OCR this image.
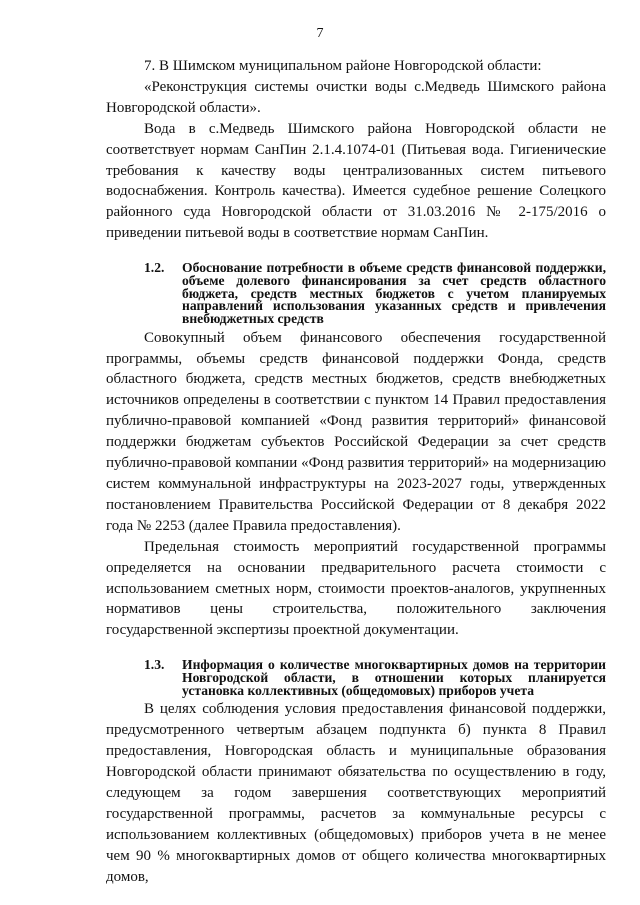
7

7. В Шимском муниципальном районе Новгородской области:

«Реконструкция системы очистки воды с.Медведь Шимского района Новгородской области».

Вода в с.Медведь Шимского района Новгородской области не соответствует нормам СанПин 2.1.4.1074-01 (Питьевая вода. Гигиенические требования к качеству воды централизованных систем питьевого водоснабжения. Контроль качества). Имеется судебное решение Солецкого районного суда Новгородской области от 31.03.2016 № 2-175/2016 о приведении питьевой воды в соответствие нормам СанПин.

1.2.	Обоснование потребности в объеме средств финансовой поддержки, объеме долевого финансирования за счет средств областного бюджета, средств местных бюджетов с учетом планируемых направлений использования указанных средств и привлечения внебюджетных средств

Совокупный объем финансового обеспечения государственной программы, объемы средств финансовой поддержки Фонда, средств областного бюджета, средств местных бюджетов, средств внебюджетных источников определены в соответствии с пунктом 14 Правил предоставления публично-правовой компанией «Фонд развития территорий» финансовой поддержки бюджетам субъектов Российской Федерации за счет средств публично-правовой компании «Фонд развития территорий» на модернизацию систем коммунальной инфраструктуры на 2023-2027 годы, утвержденных постановлением Правительства Российской Федерации от 8 декабря 2022 года № 2253 (далее Правила предоставления).

Предельная стоимость мероприятий государственной программы определяется на основании предварительного расчета стоимости с использованием сметных норм, стоимости проектов-аналогов, укрупненных нормативов цены строительства, положительного заключения государственной экспертизы проектной документации.

1.3.	Информация о количестве многоквартирных домов на территории Новгородской области, в отношении которых планируется установка коллективных (общедомовых) приборов учета

В целях соблюдения условия предоставления финансовой поддержки, предусмотренного четвертым абзацем подпункта б) пункта 8 Правил предоставления, Новгородская область и муниципальные образования Новгородской области принимают обязательства по осуществлению в году, следующем за годом завершения соответствующих мероприятий государственной программы, расчетов за коммунальные ресурсы с использованием коллективных (общедомовых) приборов учета в не менее чем 90 % многоквартирных домов от общего количества многоквартирных домов,
